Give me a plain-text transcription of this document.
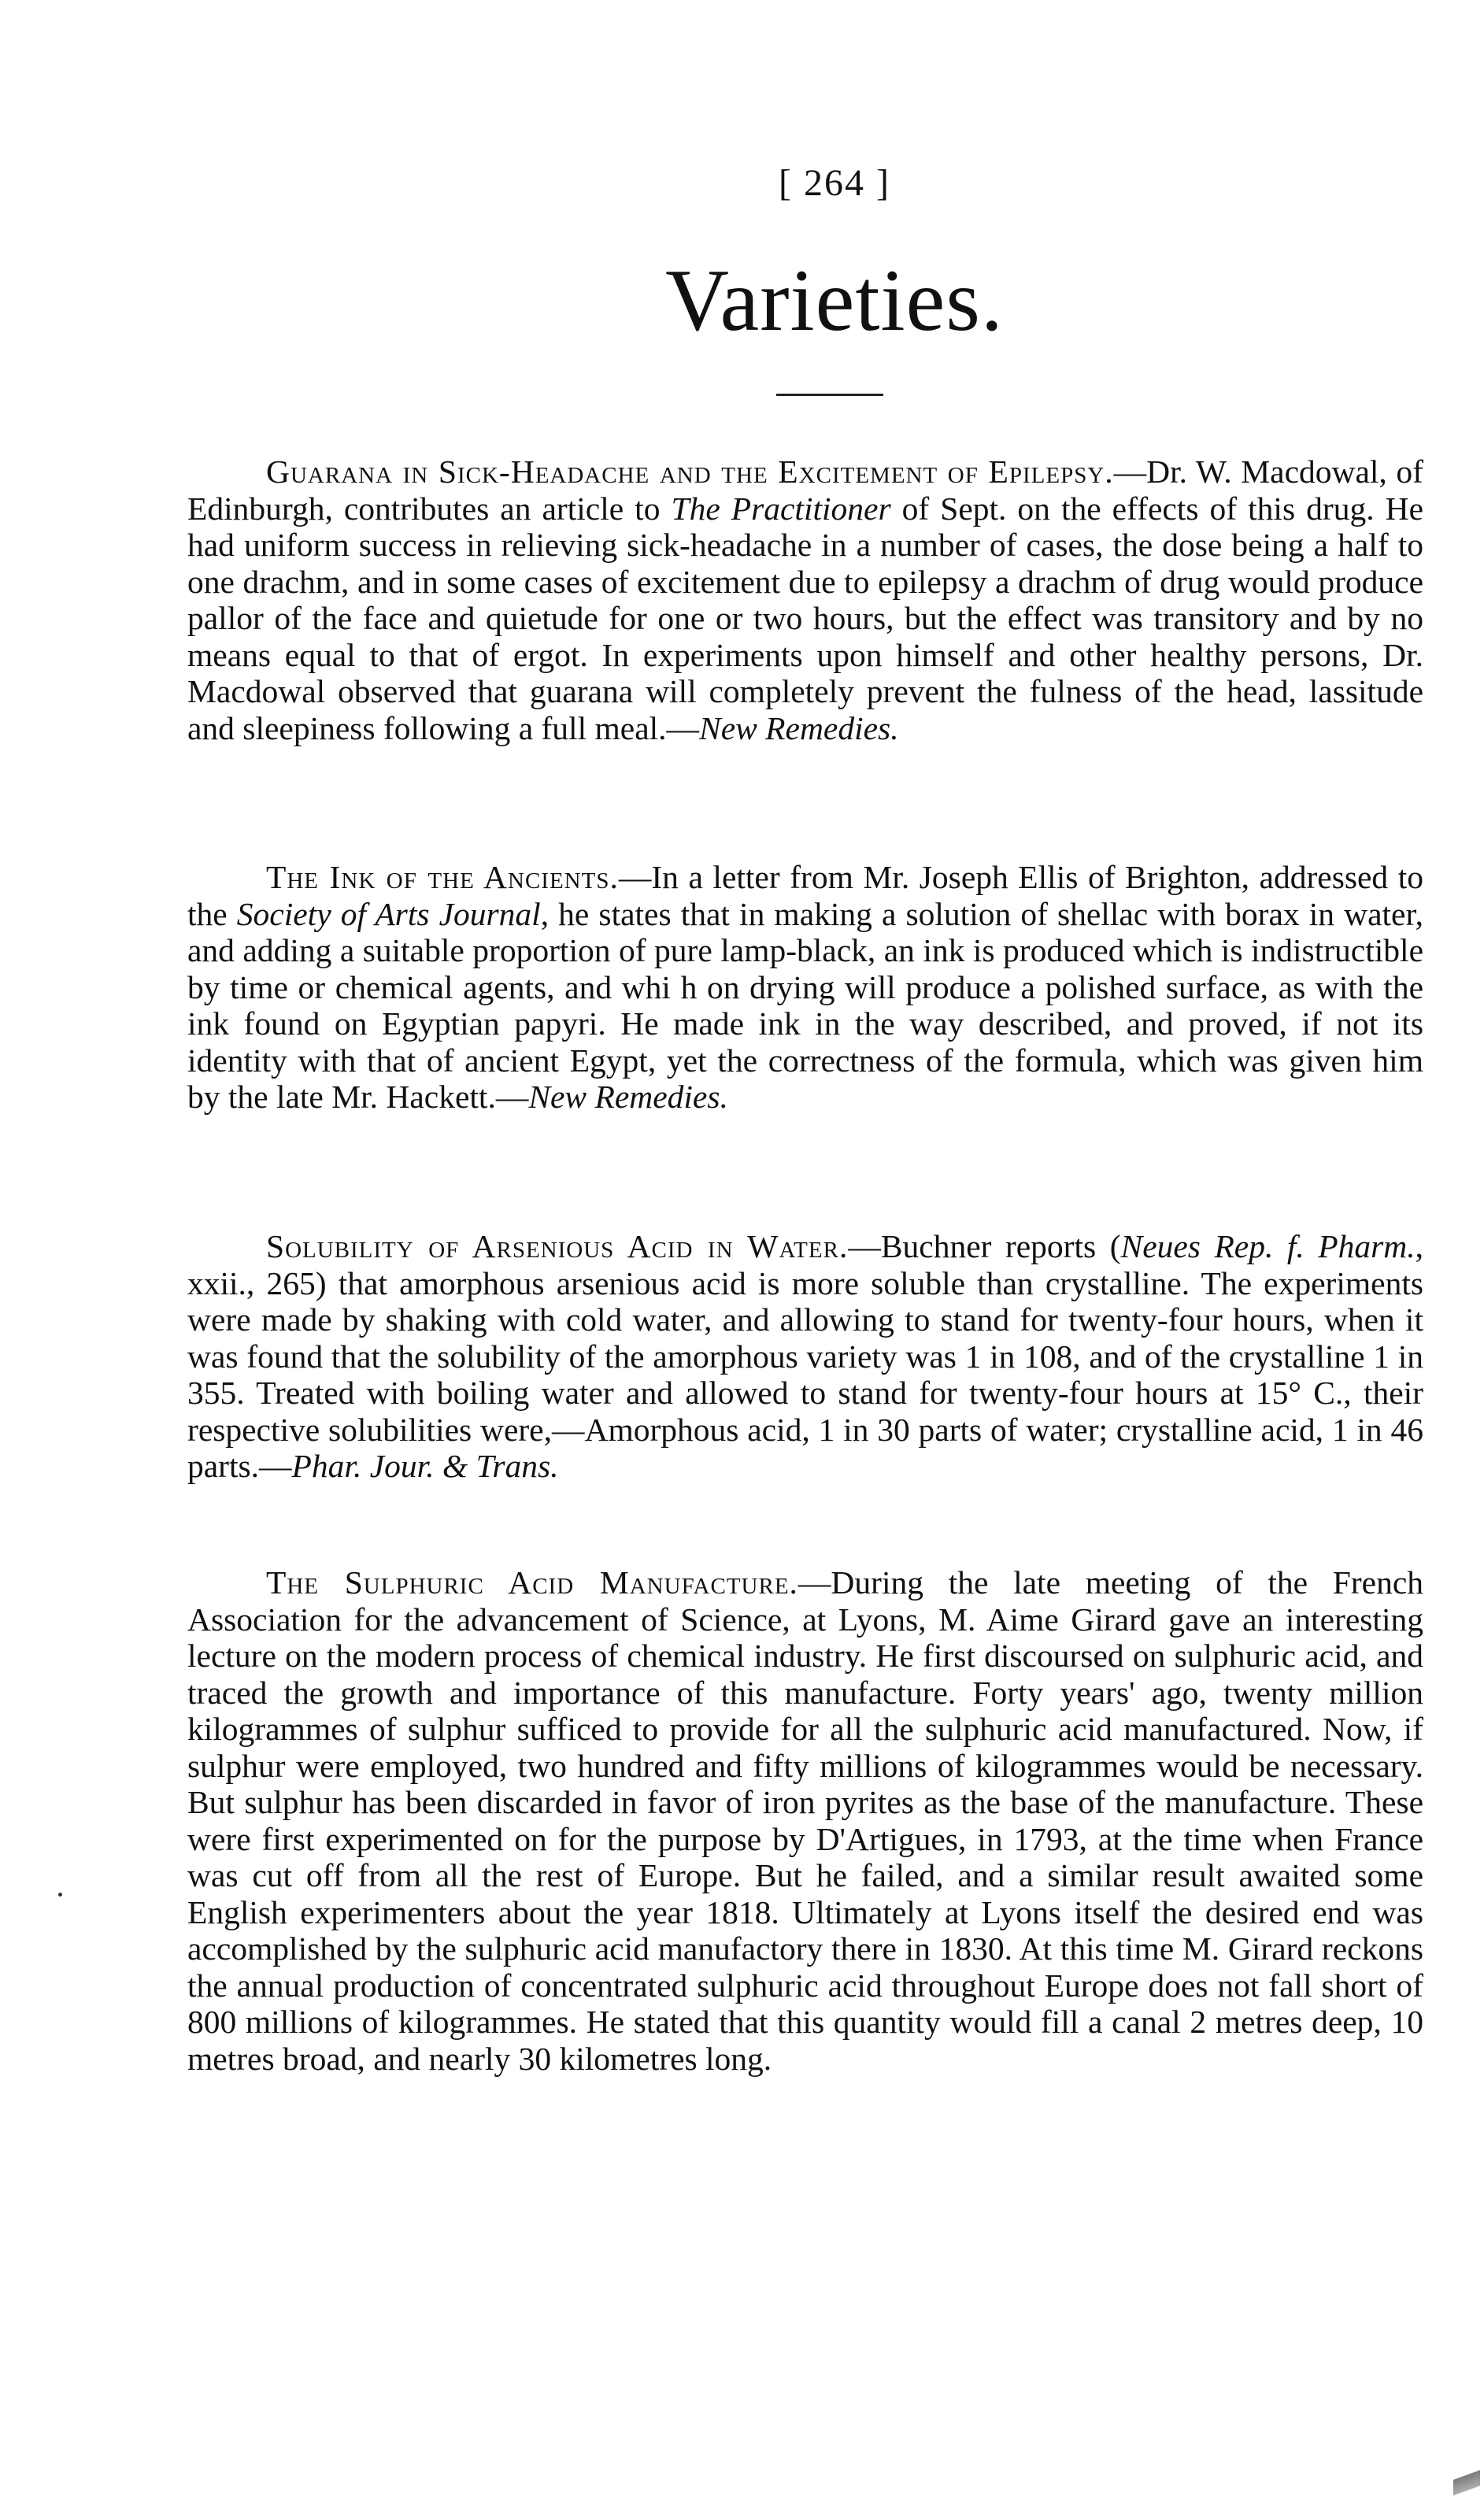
[ 264 ]
Varieties.

Guarana in Sick-Headache and the Excitement of Epilepsy.—Dr. W. Macdowal, of Edinburgh, contributes an article to The Practitioner of Sept. on the effects of this drug. He had uniform success in relieving sick-headache in a number of cases, the dose being a half to one drachm, and in some cases of excitement due to epilepsy a drachm of drug would produce pallor of the face and quietude for one or two hours, but the effect was transitory and by no means equal to that of ergot. In experiments upon himself and other healthy persons, Dr. Macdowal observed that guarana will completely prevent the fulness of the head, lassitude and sleepiness following a full meal.—New Remedies.

The Ink of the Ancients.—In a letter from Mr. Joseph Ellis of Brighton, addressed to the Society of Arts Journal, he states that in making a solution of shellac with borax in water, and adding a suitable proportion of pure lamp-black, an ink is produced which is indistructible by time or chemical agents, and whi h on drying will produce a polished surface, as with the ink found on Egyptian papyri. He made ink in the way described, and proved, if not its identity with that of ancient Egypt, yet the correctness of the formula, which was given him by the late Mr. Hackett.—New Remedies.

Solubility of Arsenious Acid in Water.—Buchner reports (Neues Rep. f. Pharm., xxii., 265) that amorphous arsenious acid is more soluble than crystalline. The experiments were made by shaking with cold water, and allowing to stand for twenty-four hours, when it was found that the solubility of the amorphous variety was 1 in 108, and of the crystalline 1 in 355. Treated with boiling water and allowed to stand for twenty-four hours at 15° C., their respective solubilities were,—Amorphous acid, 1 in 30 parts of water; crystalline acid, 1 in 46 parts.—Phar. Jour. & Trans.

The Sulphuric Acid Manufacture.—During the late meeting of the French Association for the advancement of Science, at Lyons, M. Aime Girard gave an interesting lecture on the modern process of chemical industry. He first discoursed on sulphuric acid, and traced the growth and importance of this manufacture. Forty years' ago, twenty million kilogrammes of sulphur sufficed to provide for all the sulphuric acid manufactured. Now, if sulphur were employed, two hundred and fifty millions of kilogrammes would be necessary. But sulphur has been discarded in favor of iron pyrites as the base of the manufacture. These were first experimented on for the purpose by D'Artigues, in 1793, at the time when France was cut off from all the rest of Europe. But he failed, and a similar result awaited some English experimenters about the year 1818. Ultimately at Lyons itself the desired end was accomplished by the sulphuric acid manufactory there in 1830. At this time M. Girard reckons the annual production of concentrated sulphuric acid throughout Europe does not fall short of 800 millions of kilogrammes. He stated that this quantity would fill a canal 2 metres deep, 10 metres broad, and nearly 30 kilometres long.
